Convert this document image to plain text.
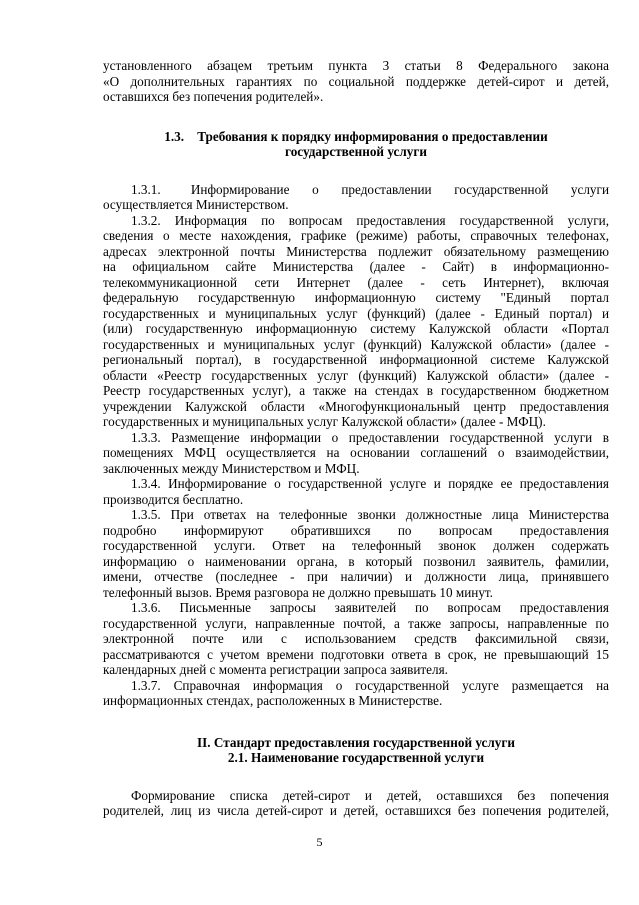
установленного абзацем третьим пункта 3 статьи 8 Федерального закона

«О дополнительных гарантиях по социальной поддержке детей-сирот и детей,

оставшихся без попечения родителей».

1.3.    Требования к порядку информирования о предоставлении

государственной услуги

1.3.1.    Информирование   о   предоставлении   государственной   услуги

осуществляется Министерством.

1.3.2. Информация по вопросам предоставления государственной услуги,

сведения о месте нахождения, графике (режиме) работы, справочных телефонах,

адресах электронной почты Министерства подлежит обязательному размещению

на официальном сайте Министерства (далее - Сайт) в информационно-

телекоммуникационной сети Интернет (далее - сеть Интернет), включая

федеральную государственную информационную систему "Единый портал

государственных и муниципальных услуг (функций) (далее - Единый портал) и

(или) государственную информационную систему Калужской области «Портал

государственных и муниципальных услуг (функций) Калужской области» (далее -

региональный портал), в государственной информационной системе Калужской

области «Реестр государственных услуг (функций) Калужской области» (далее -

Реестр государственных услуг), а также на стендах в государственном бюджетном

учреждении Калужской области «Многофункциональный центр предоставления

государственных и муниципальных услуг Калужской области» (далее - МФЦ).

1.3.3. Размещение информации о предоставлении государственной услуги в

помещениях МФЦ осуществляется на основании соглашений о взаимодействии,

заключенных между Министерством и МФЦ.

1.3.4. Информирование о государственной услуге и порядке ее предоставления

производится бесплатно.

1.3.5. При ответах на телефонные звонки должностные лица Министерства

подробно   информируют   обратившихся   по   вопросам   предоставления

государственной услуги. Ответ на телефонный звонок должен содержать

информацию о наименовании органа, в который позвонил заявитель, фамилии,

имени, отчестве (последнее - при наличии) и должности лица, принявшего

телефонный вызов. Время разговора не должно превышать 10 минут.

1.3.6. Письменные запросы заявителей по вопросам предоставления

государственной услуги, направленные почтой, а также запросы, направленные по

электронной почте или с использованием средств факсимильной связи,

рассматриваются с учетом времени подготовки ответа в срок, не превышающий 15

календарных дней с момента регистрации запроса заявителя.

1.3.7. Справочная информация о государственной услуге размещается на

информационных стендах, расположенных в Министерстве.

II. Стандарт предоставления государственной услуги

2.1. Наименование государственной услуги

Формирование списка детей-сирот и детей, оставшихся без попечения

родителей, лиц из числа детей-сирот и детей, оставшихся без попечения родителей,

5
